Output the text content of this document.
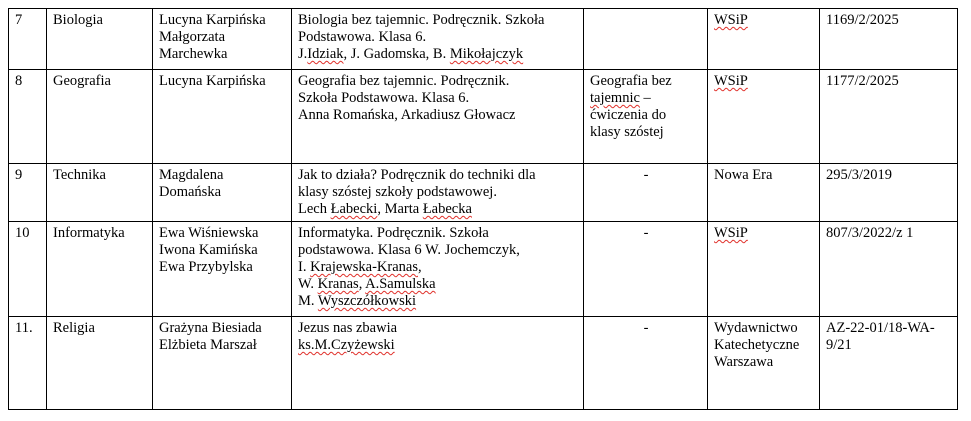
7	Biologia	Lucyna Karpińska
Małgorzata
Marchewka	Biologia bez tajemnic. Podręcznik. Szkoła
Podstawowa. Klasa 6.
J.Idziak, J. Gadomska, B. Mikołajczyk		WSiP	1169/2/2025

8	Geografia	Lucyna Karpińska	Geografia bez tajemnic. Podręcznik.
Szkoła Podstawowa. Klasa 6.
Anna Romańska, Arkadiusz Głowacz	Geografia bez
tajemnic –
ćwiczenia do
klasy szóstej	WSiP	1177/2/2025

9	Technika	Magdalena
Domańska	Jak to działa? Podręcznik do techniki dla
klasy szóstej szkoły podstawowej.
Lech Łabecki, Marta Łabecka	-	Nowa Era	295/3/2019

10	Informatyka	Ewa Wiśniewska
Iwona Kamińska
Ewa Przybylska	Informatyka. Podręcznik. Szkoła
podstawowa. Klasa 6 W. Jochemczyk,
I. Krajewska-Kranas,
W. Kranas, A.Samulska
M. Wyszczółkowski	-	WSiP	807/3/2022/z 1

11.	Religia	Grażyna Biesiada
Elżbieta Marszał	Jezus nas zbawia
ks.M.Czyżewski	-	Wydawnictwo
Katechetyczne
Warszawa	AZ-22-01/18-WA-
9/21
